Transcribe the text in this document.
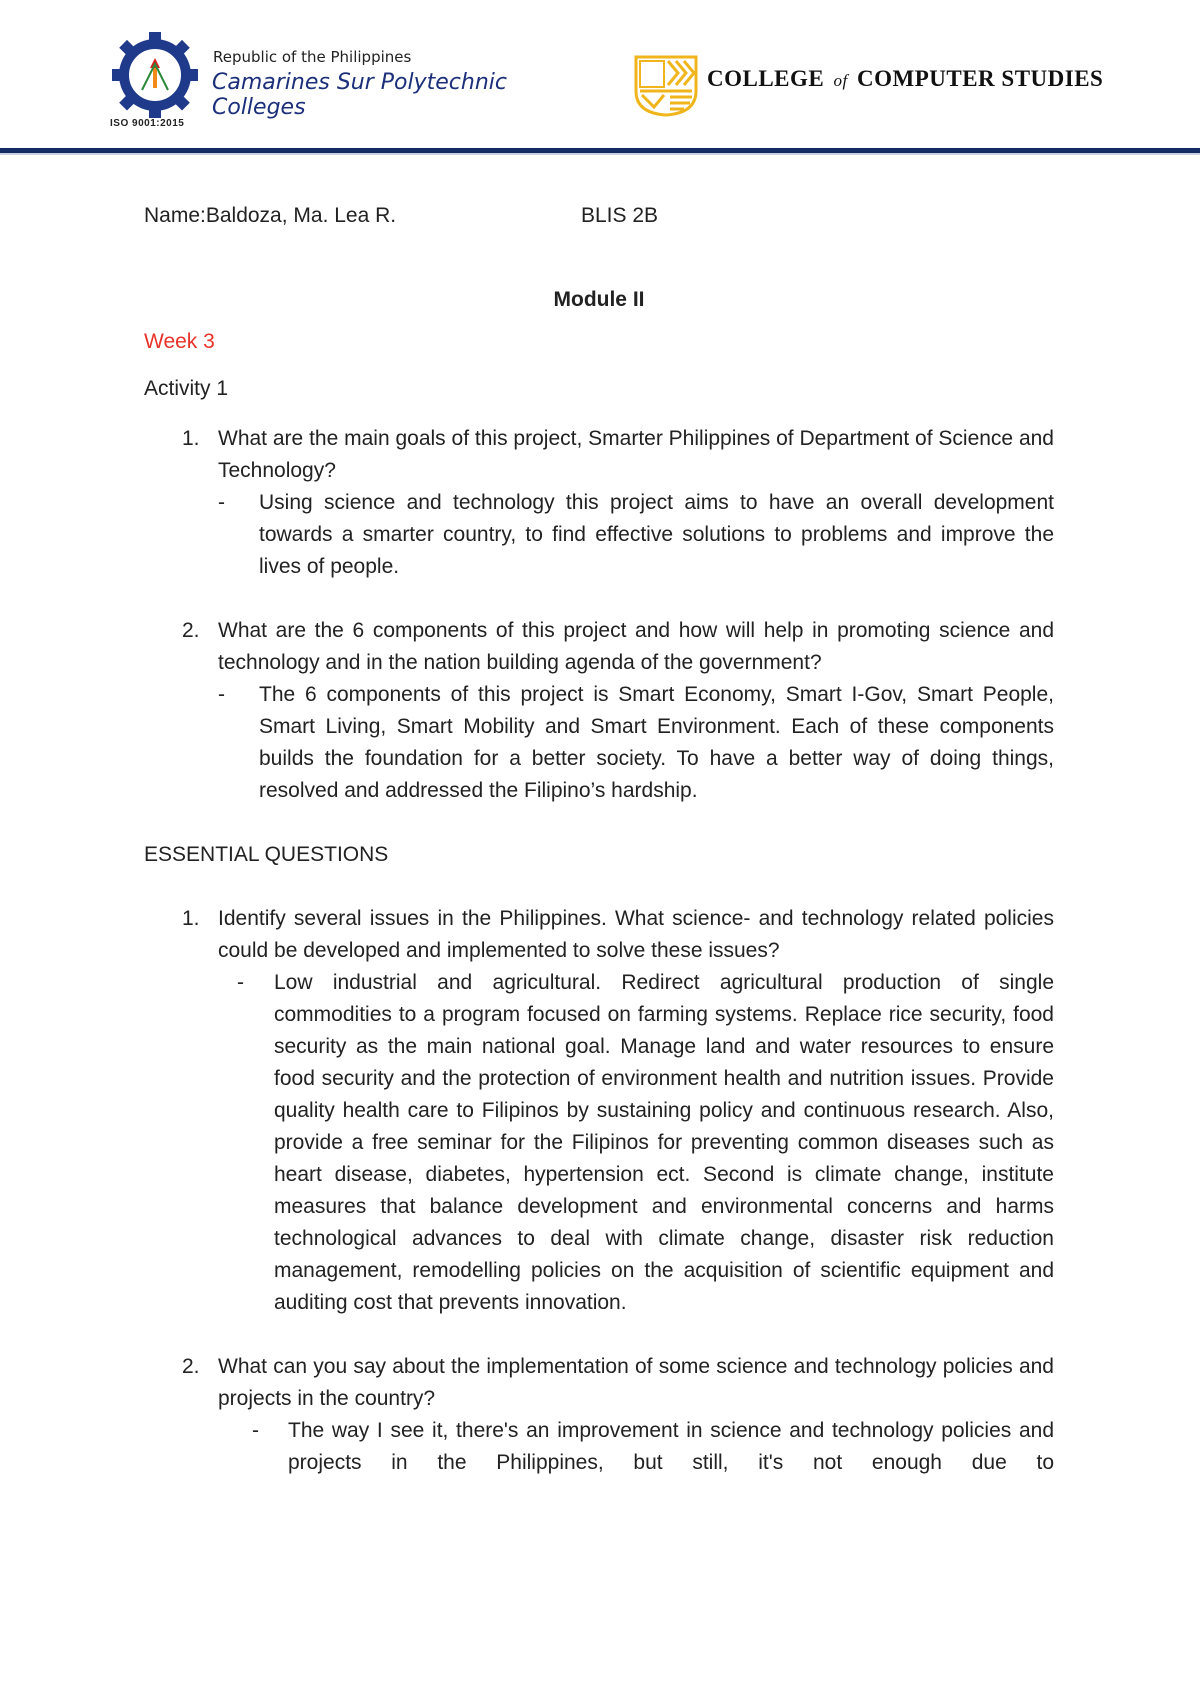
ISO 9001:2015
Republic of the Philippines
Camarines Sur Polytechnic Colleges
COLLEGE of COMPUTER STUDIES
Name:Baldoza, Ma. Lea R.	BLIS 2B

Module II

Week 3

Activity 1

1. What are the main goals of this project, Smarter Philippines of Department of Science and Technology?

- Using science and technology this project aims to have an overall development towards a smarter country, to find effective solutions to problems and improve the lives of people.

2. What are the 6 components of this project and how will help in promoting science and technology and in the nation building agenda of the government?

- The 6 components of this project is Smart Economy, Smart I-Gov, Smart People, Smart Living, Smart Mobility and Smart Environment. Each of these components builds the foundation for a better society. To have a better way of doing things, resolved and addressed the Filipino’s hardship.

ESSENTIAL QUESTIONS

1. Identify several issues in the Philippines. What science- and technology related policies could be developed and implemented to solve these issues?

- Low industrial and agricultural. Redirect agricultural production of single commodities to a program focused on farming systems. Replace rice security, food security as the main national goal. Manage land and water resources to ensure food security and the protection of environment health and nutrition issues. Provide quality health care to Filipinos by sustaining policy and continuous research. Also, provide a free seminar for the Filipinos for preventing common diseases such as heart disease, diabetes, hypertension ect. Second is climate change, institute measures that balance development and environmental concerns and harms technological advances to deal with climate change, disaster risk reduction management, remodelling policies on the acquisition of scientific equipment and auditing cost that prevents innovation.

2. What can you say about the implementation of some science and technology policies and projects in the country?

- The way I see it, there's an improvement in science and technology policies and projects in the Philippines, but still, it's not enough due to
